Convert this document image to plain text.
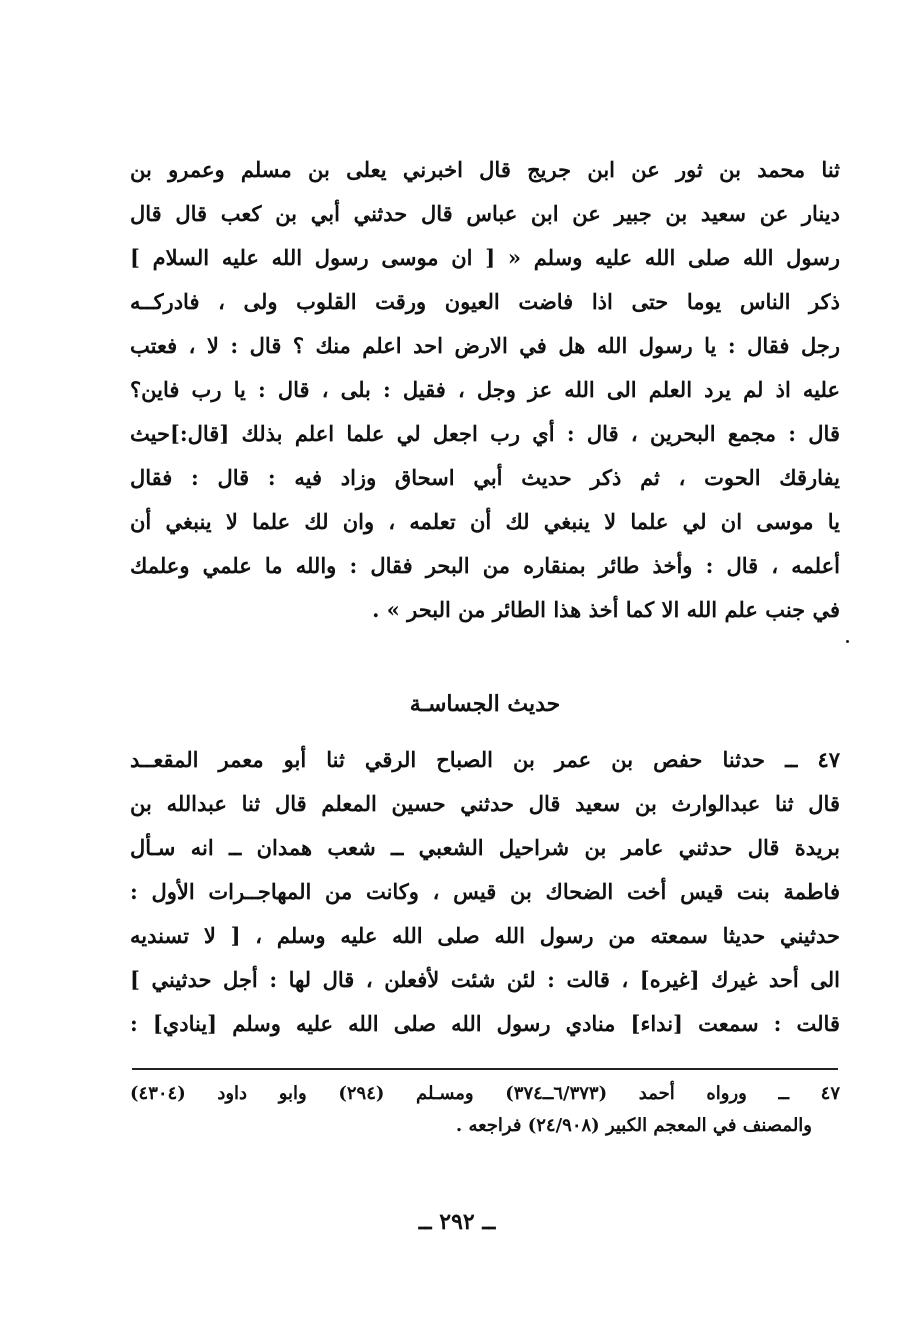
ثنا محمد بن ثور عن ابن جريج قال اخبرني يعلى بن مسلم وعمرو بن
دينار عن سعيد بن جبير عن ابن عباس قال حدثني أبي بن كعب قال قال
رسول الله صلى الله عليه وسلم « [ ان موسى رسول الله عليه السلام ]
ذكر الناس يوما حتى اذا فاضت العيون ورقت القلوب ولى ، فادركــه
رجل فقال : يا رسول الله هل في الارض احد اعلم منك ؟ قال : لا ، فعتب
عليه اذ لم يرد العلم الى الله عز وجل ، فقيل : بلى ، قال : يا رب فاين؟
قال : مجمع البحرين ، قال : أي رب اجعل لي علما اعلم بذلك [قال:]حيث
يفارقك الحوت ، ثم ذكر حديث أبي اسحاق وزاد فيه : قال : فقال
يا موسى ان لي علما لا ينبغي لك أن تعلمه ، وان لك علما لا ينبغي أن
أعلمه ، قال : وأخذ طائر بمنقاره من البحر فقال : والله ما علمي وعلمك
في جنب علم الله الا كما أخذ هذا الطائر من البحر » .
حديث الجساسـة
٤٧ ــ حدثنا حفص بن عمر بن الصباح الرقي ثنا أبو معمر المقعــد
قال ثنا عبدالوارث بن سعيد قال حدثني حسين المعلم قال ثنا عبدالله بن
بريدة قال حدثني عامر بن شراحيل الشعبي ــ شعب همدان ــ انه سـأل
فاطمة بنت قيس أخت الضحاك بن قيس ، وكانت من المهاجــرات الأول :
حدثيني حديثا سمعته من رسول الله صلى الله عليه وسلم ، [ لا تسنديه
الى أحد غيرك [غيره] ، قالت : لئن شئت لأفعلن ، قال لها : أجل حدثيني ]
قالت : سمعت [نداء] منادي رسول الله صلى الله عليه وسلم [ينادي] :
٤٧ ــ ورواه أحمد (٦/٣٧٣ــ٣٧٤) ومسـلم (٢٩٤) وابو داود (٤٣٠٤)
والمصنف في المعجم الكبير (٢٤/٩٠٨) فراجعه .
ــ ٢٩٢ ــ
